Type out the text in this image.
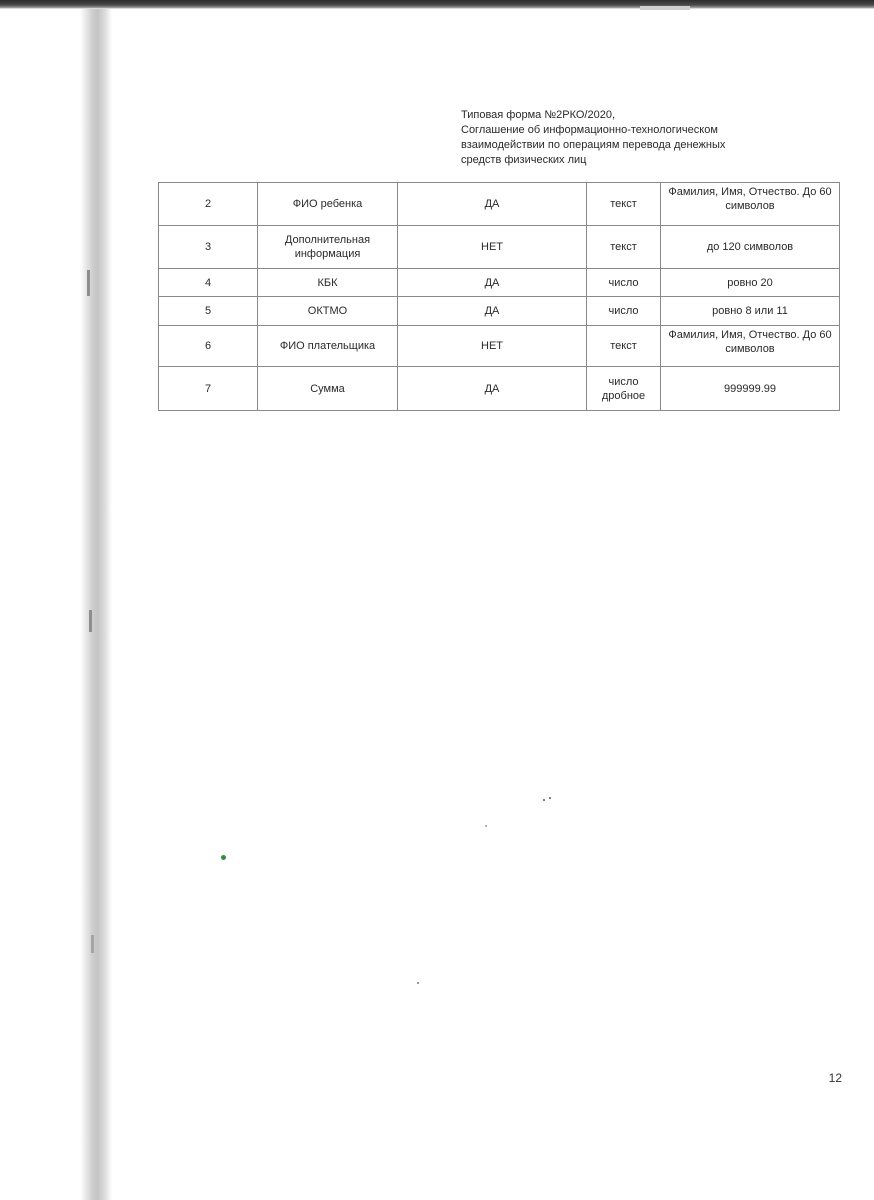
Типовая форма №2РКО/2020,
Соглашение об информационно-технологическом
взаимодействии по операциям перевода денежных
средств физических лиц
2	ФИО ребенка	ДА	текст	Фамилия, Имя, Отчество. До 60 символов
3	Дополнительная информация	НЕТ	текст	до 120 символов
4	КБК	ДА	число	ровно 20
5	ОКТМО	ДА	число	ровно 8 или 11
6	ФИО плательщика	НЕТ	текст	Фамилия, Имя, Отчество. До 60 символов
7	Сумма	ДА	число дробное	999999.99
12
